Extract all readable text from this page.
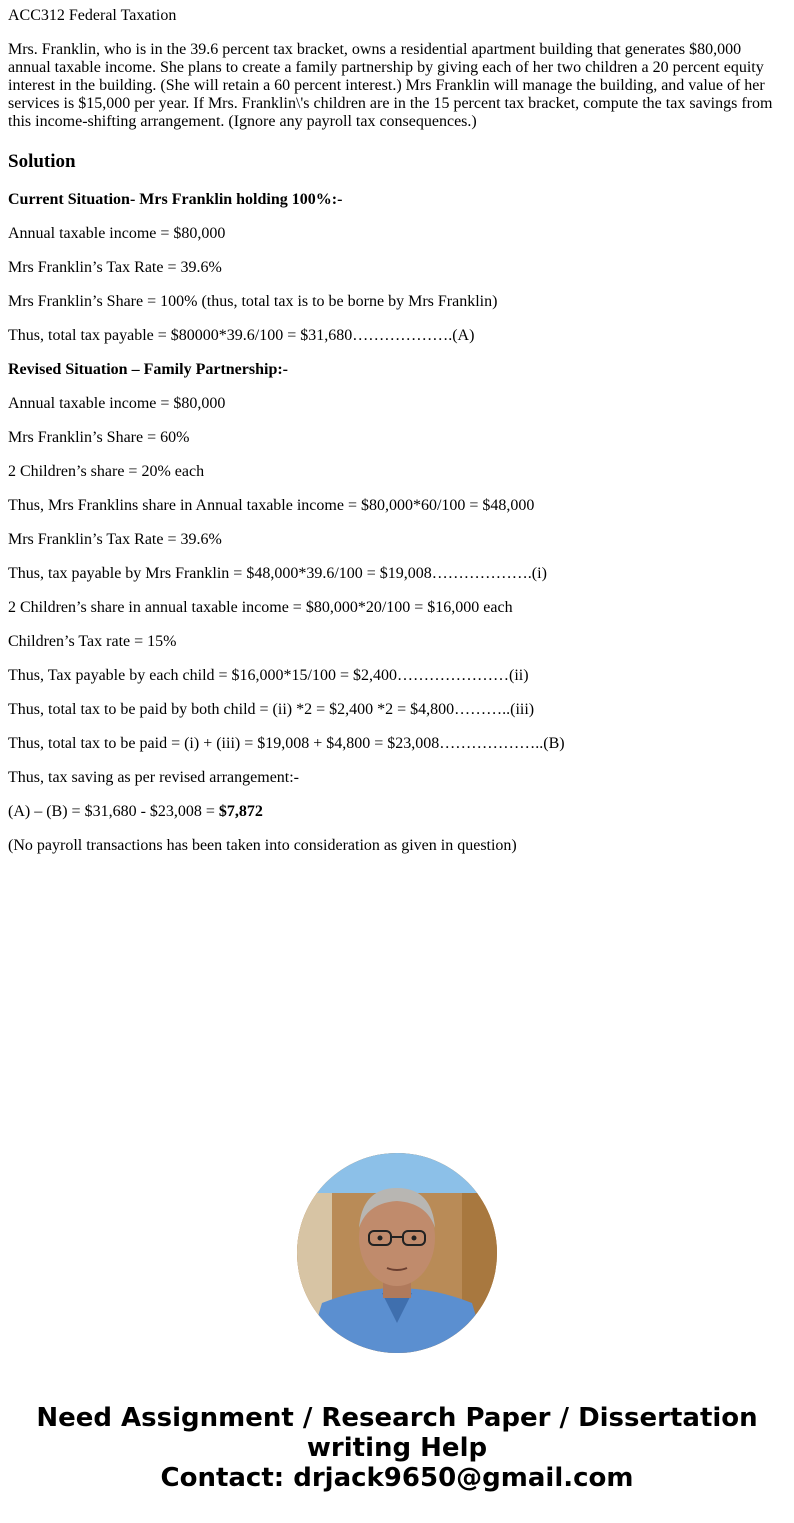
ACC312 Federal Taxation
Mrs. Franklin, who is in the 39.6 percent tax bracket, owns a residential apartment building that generates $80,000 annual taxable income. She plans to create a family partnership by giving each of her two children a 20 percent equity interest in the building. (She will retain a 60 percent interest.) Mrs Franklin will manage the building, and value of her services is $15,000 per year. If Mrs. Franklin\'s children are in the 15 percent tax bracket, compute the tax savings from this income-shifting arrangement. (Ignore any payroll tax consequences.)
Solution
Current Situation- Mrs Franklin holding 100%:-
Annual taxable income = $80,000
Mrs Franklin’s Tax Rate = 39.6%
Mrs Franklin’s Share = 100% (thus, total tax is to be borne by Mrs Franklin)
Thus, total tax payable = $80000*39.6/100 = $31,680……………….(A)
Revised Situation – Family Partnership:-
Annual taxable income = $80,000
Mrs Franklin’s Share = 60%
2 Children’s share = 20% each
Thus, Mrs Franklins share in Annual taxable income = $80,000*60/100 = $48,000
Mrs Franklin’s Tax Rate = 39.6%
Thus, tax payable by Mrs Franklin = $48,000*39.6/100 = $19,008……………….(i)
2 Children’s share in annual taxable income = $80,000*20/100 = $16,000 each
Children’s Tax rate = 15%
Thus, Tax payable by each child = $16,000*15/100 = $2,400…………………(ii)
Thus, total tax to be paid by both child = (ii) *2 = $2,400 *2 = $4,800………..(iii)
Thus, total tax to be paid = (i) + (iii) = $19,008 + $4,800 = $23,008………………..(B)
Thus, tax saving as per revised arrangement:-
(A) – (B) = $31,680 - $23,008 = $7,872
(No payroll transactions has been taken into consideration as given in question)
Need Assignment / Research Paper / Dissertation
writing Help
Contact: drjack9650@gmail.com
